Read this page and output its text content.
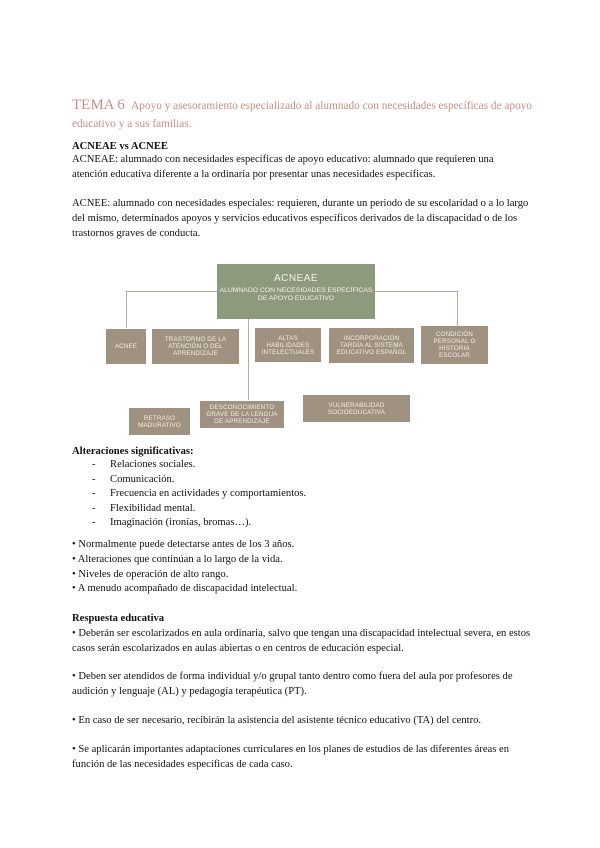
TEMA 6 Apoyo y asesoramiento especializado al alumnado con necesidades específicas de apoyo educativo y a sus familias.
ACNEAE vs ACNEE
ACNEAE: alumnado con necesidades específicas de apoyo educativo: alumnado que requieren una atención educativa diferente a la ordinaria por presentar unas necesidades específicas.
ACNEE: alumnado con necesidades especiales: requieren, durante un periodo de su escolaridad o a lo largo del mismo, determinados apoyos y servicios educativos específicos derivados de la discapacidad o de los trastornos graves de conducta.
ACNEAE
ALUMNADO CON NECESIDADES ESPECÍFICAS DE APOYO EDUCATIVO
ACNEE
TRASTORNO DE LA ATENCIÓN O DEL APRENDIZAJE
ALTAS HABILIDADES INTELECTUALES
INCORPORACIÓN TARDÍA AL SISTEMA EDUCATIVO ESPAÑOL
CONDICIÓN PERSONAL O HISTORIA ESCOLAR
RETRASO MADURATIVO
DESCONOCIMIENTO GRAVE DE LA LENGUA DE APRENDIZAJE
VULNERABILIDAD SOCIOEDUCATIVA
Alteraciones significativas:
- Relaciones sociales.
- Comunicación.
- Frecuencia en actividades y comportamientos.
- Flexibilidad mental.
- Imaginación (ironías, bromas…).
• Normalmente puede detectarse antes de los 3 años.
• Alteraciones que continúan a lo largo de la vida.
• Niveles de operación de alto rango.
• A menudo acompañado de discapacidad intelectual.
Respuesta educativa
• Deberán ser escolarizados en aula ordinaria, salvo que tengan una discapacidad intelectual severa, en estos casos serán escolarizados en aulas abiertas o en centros de educación especial.
• Deben ser atendidos de forma individual y/o grupal tanto dentro como fuera del aula por profesores de audición y lenguaje (AL) y pedagogía terapéutica (PT).
• En caso de ser necesario, recibirán la asistencia del asistente técnico educativo (TA) del centro.
• Se aplicarán importantes adaptaciones curriculares en los planes de estudios de las diferentes áreas en función de las necesidades específicas de cada caso.
